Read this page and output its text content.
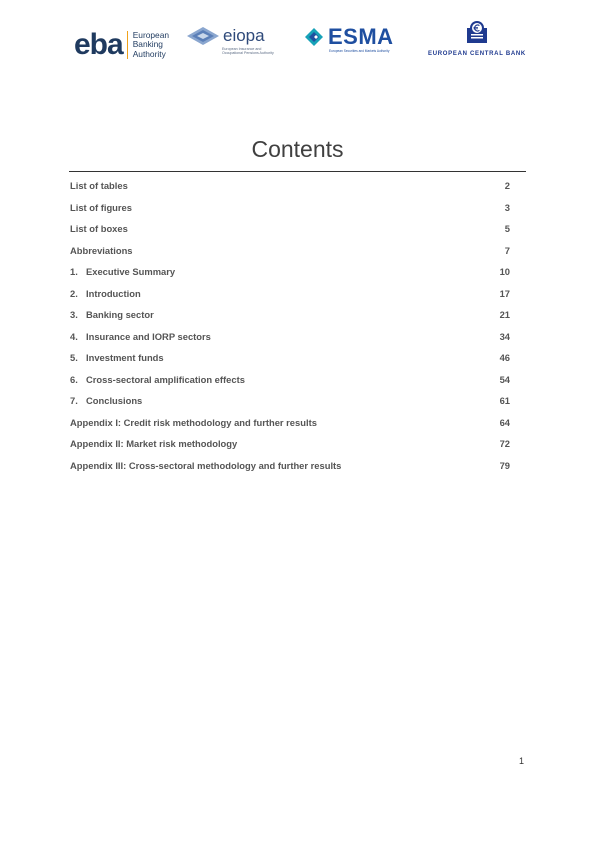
eba European
Banking
Authority
eiopa
European Insurance and
Occupational Pensions Authority
ESMA
European Securities and Markets Authority	EUROPEAN CENTRAL BANK
Contents
List of tables	2
List of figures	3
List of boxes	5
Abbreviations	7
1. Executive Summary	10
2. Introduction	17
3. Banking sector	21
4. Insurance and IORP sectors	34
5. Investment funds	46
6. Cross-sectoral amplification effects	54
7. Conclusions	61
Appendix I: Credit risk methodology and further results	64
Appendix II: Market risk methodology	72
Appendix III: Cross-sectoral methodology and further results	79
1
